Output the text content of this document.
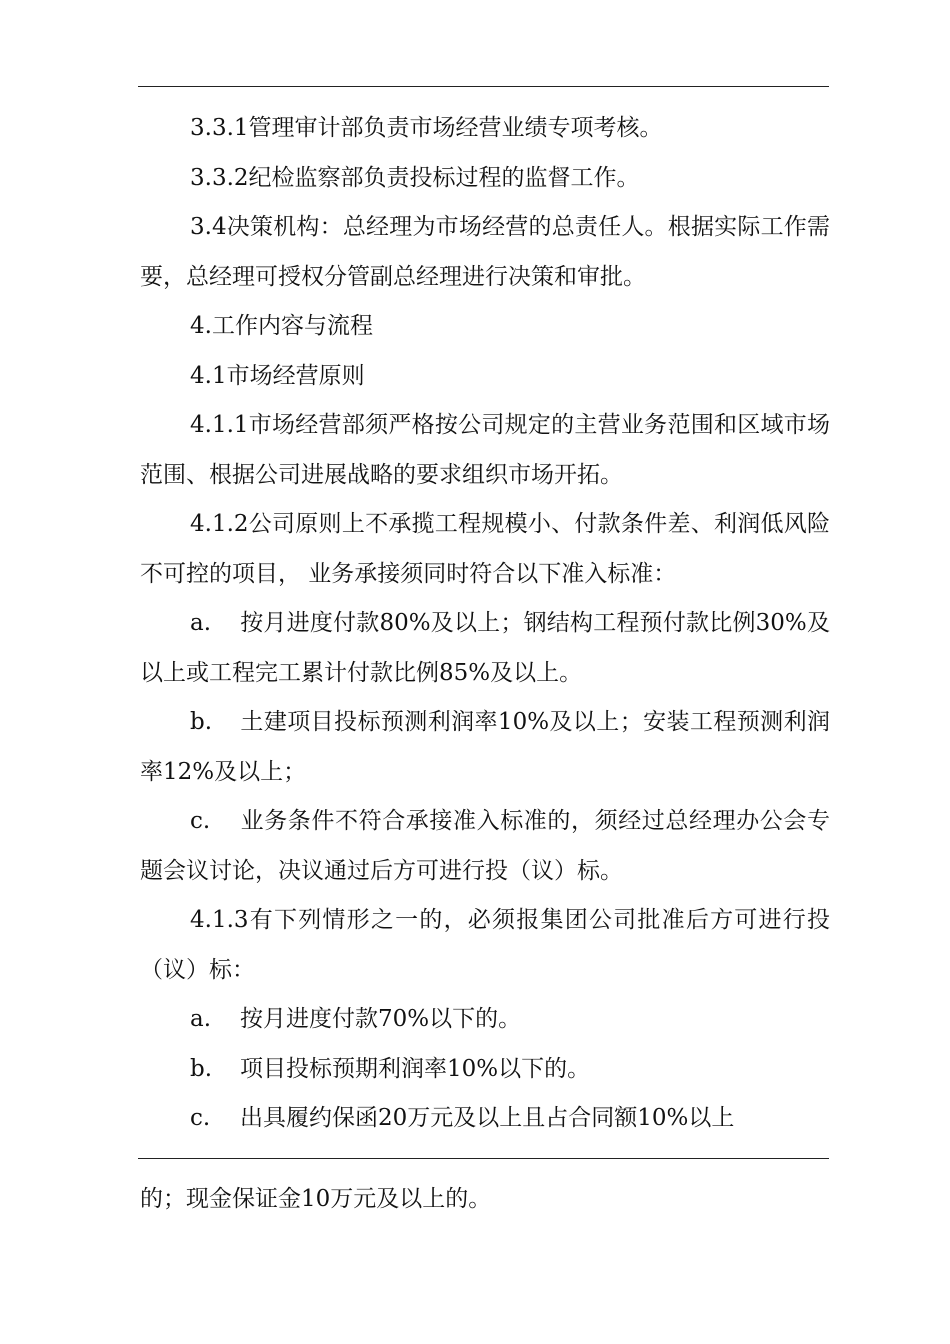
3.3.1管理审计部负责市场经营业绩专项考核。

3.3.2纪检监察部负责投标过程的监督工作。

3.4决策机构：总经理为市场经营的总责任人。根据实际工作需要，总经理可授权分管副总经理进行决策和审批。

4.工作内容与流程

4.1市场经营原则

4.1.1市场经营部须严格按公司规定的主营业务范围和区域市场范围、根据公司进展战略的要求组织市场开拓。

4.1.2公司原则上不承揽工程规模小、付款条件差、利润低风险不可控的项目， 业务承接须同时符合以下准入标准：

a. 按月进度付款80%及以上；钢结构工程预付款比例30%及以上或工程完工累计付款比例85%及以上。

b. 土建项目投标预测利润率10%及以上；安装工程预测利润率12%及以上；

c. 业务条件不符合承接准入标准的，须经过总经理办公会专题会议讨论，决议通过后方可进行投（议）标。

4.1.3有下列情形之一的，必须报集团公司批准后方可进行投（议）标：

a. 按月进度付款70%以下的。

b. 项目投标预期利润率10%以下的。

c. 出具履约保函20万元及以上且占合同额10%以上

的；现金保证金10万元及以上的。
